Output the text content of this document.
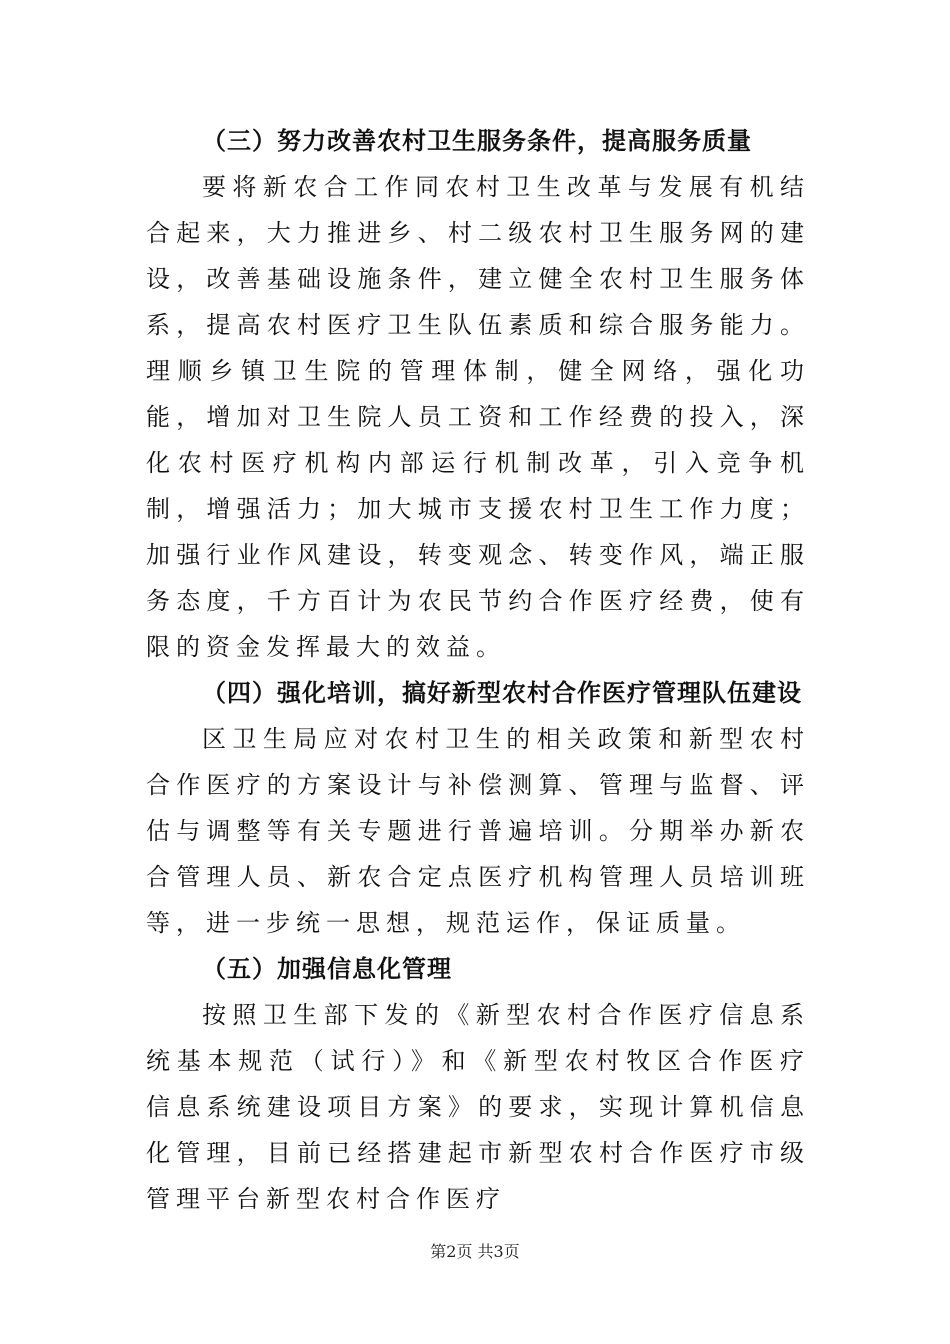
（三）努力改善农村卫生服务条件，提高服务质量

要将新农合工作同农村卫生改革与发展有机结合起来，大力推进乡、村二级农村卫生服务网的建设，改善基础设施条件，建立健全农村卫生服务体系，提高农村医疗卫生队伍素质和综合服务能力。理顺乡镇卫生院的管理体制，健全网络，强化功能，增加对卫生院人员工资和工作经费的投入，深化农村医疗机构内部运行机制改革，引入竞争机制，增强活力；加大城市支援农村卫生工作力度；加强行业作风建设，转变观念、转变作风，端正服务态度，千方百计为农民节约合作医疗经费，使有限的资金发挥最大的效益。

（四）强化培训，搞好新型农村合作医疗管理队伍建设

区卫生局应对农村卫生的相关政策和新型农村合作医疗的方案设计与补偿测算、管理与监督、评估与调整等有关专题进行普遍培训。分期举办新农合管理人员、新农合定点医疗机构管理人员培训班等，进一步统一思想，规范运作，保证质量。

（五）加强信息化管理

按照卫生部下发的《新型农村合作医疗信息系统基本规范（试行）》和《新型农村牧区合作医疗信息系统建设项目方案》的要求，实现计算机信息化管理，目前已经搭建起市新型农村合作医疗市级管理平台新型农村合作医疗

第2页 共3页
